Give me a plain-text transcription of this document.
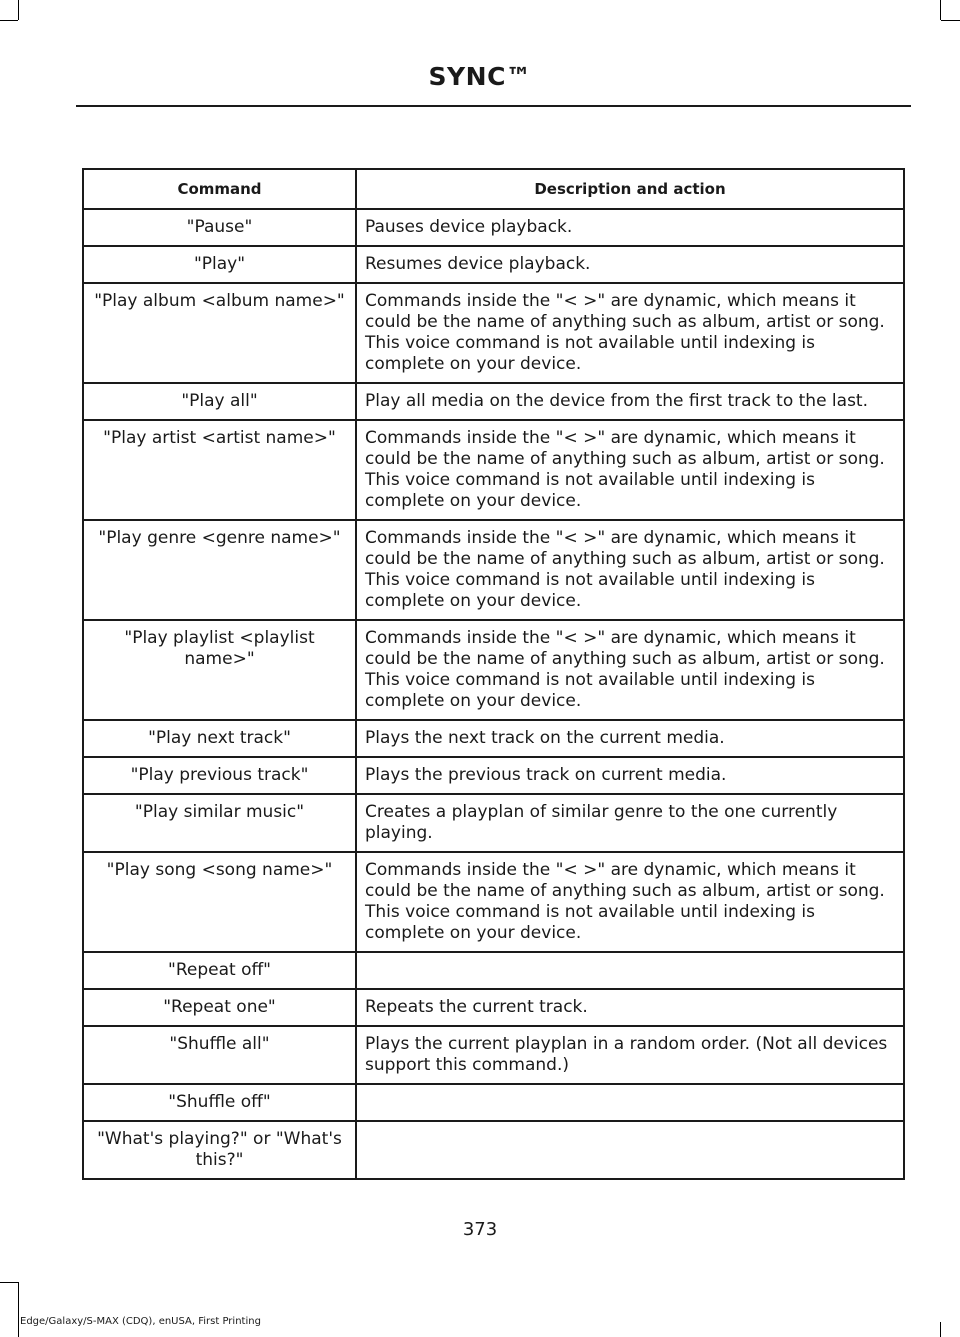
SYNC™
Command	Description and action
"Pause"	Pauses device playback.
"Play"	Resumes device playback.
"Play album <album name>"	Commands inside the "< >" are dynamic, which means it could be the name of anything such as album, artist or song. This voice command is not available until indexing is complete on your device.
"Play all"	Play all media on the device from the first track to the last.
"Play artist <artist name>"	Commands inside the "< >" are dynamic, which means it could be the name of anything such as album, artist or song. This voice command is not available until indexing is complete on your device.
"Play genre <genre name>"	Commands inside the "< >" are dynamic, which means it could be the name of anything such as album, artist or song. This voice command is not available until indexing is complete on your device.
"Play playlist <playlist name>"	Commands inside the "< >" are dynamic, which means it could be the name of anything such as album, artist or song. This voice command is not available until indexing is complete on your device.
"Play next track"	Plays the next track on the current media.
"Play previous track"	Plays the previous track on current media.
"Play similar music"	Creates a playplan of similar genre to the one currently playing.
"Play song <song name>"	Commands inside the "< >" are dynamic, which means it could be the name of anything such as album, artist or song. This voice command is not available until indexing is complete on your device.
"Repeat off"	
"Repeat one"	Repeats the current track.
"Shuffle all"	Plays the current playplan in a random order. (Not all devices support this command.)
"Shuffle off"	
"What's playing?" or "What's this?"	
373
Edge/Galaxy/S-MAX (CDQ), enUSA, First Printing
